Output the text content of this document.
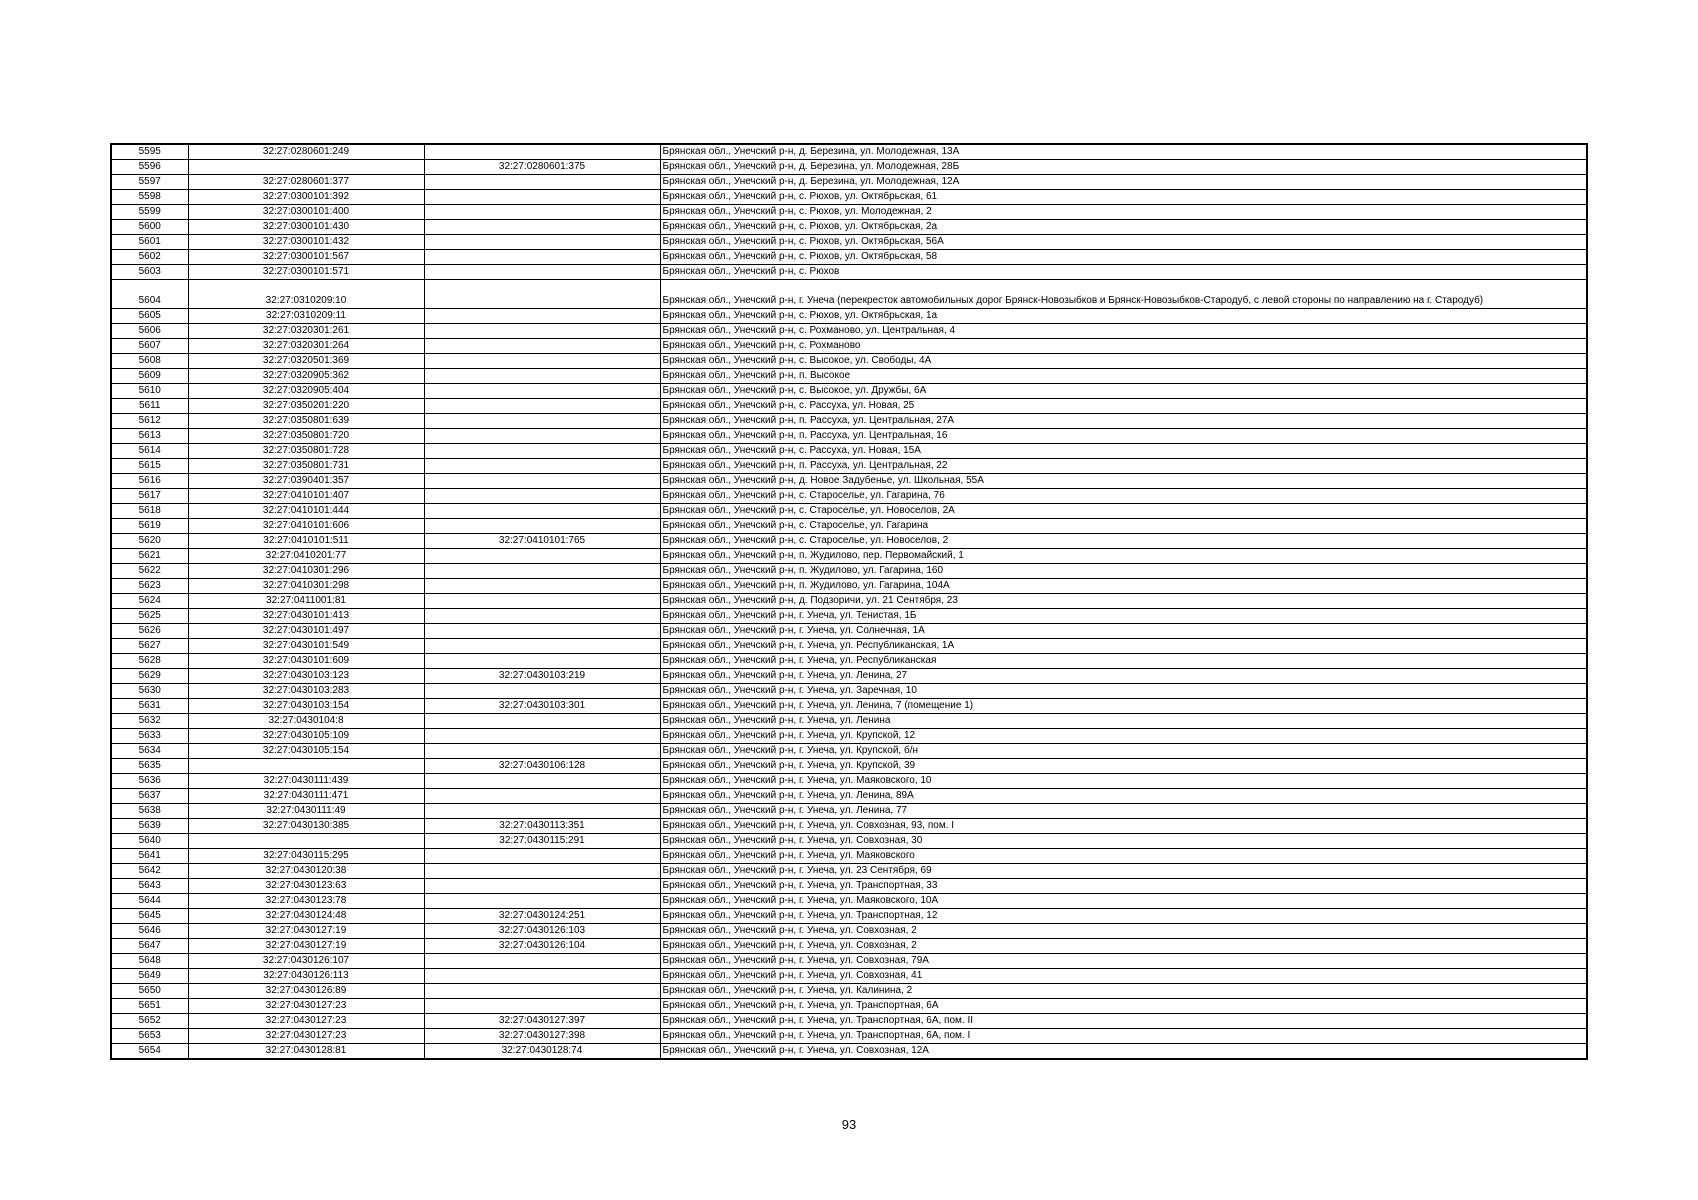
5595	32:27:0280601:249		Брянская обл., Унечский р-н, д. Березина, ул. Молодежная, 13А
5596		32:27:0280601:375	Брянская обл., Унечский р-н, д. Березина, ул. Молодежная, 28Б
5597	32:27:0280601:377		Брянская обл., Унечский р-н, д. Березина, ул. Молодежная, 12А
5598	32:27:0300101:392		Брянская обл., Унечский р-н, с. Рюхов, ул. Октябрьская, 61
5599	32:27:0300101:400		Брянская обл., Унечский р-н, с. Рюхов, ул. Молодежная, 2
5600	32:27:0300101:430		Брянская обл., Унечский р-н, с. Рюхов, ул. Октябрьская, 2а
5601	32:27:0300101:432		Брянская обл., Унечский р-н, с. Рюхов, ул. Октябрьская, 56А
5602	32:27:0300101:567		Брянская обл., Унечский р-н, с. Рюхов, ул. Октябрьская, 58
5603	32:27:0300101:571		Брянская обл., Унечский р-н, с. Рюхов
5604	32:27:0310209:10		Брянская обл., Унечский р-н, г. Унеча (перекресток автомобильных дорог Брянск-Новозыбков и Брянск-Новозыбков-Стародуб, с левой стороны по направлению на г. Стародуб)
5605	32:27:0310209:11		Брянская обл., Унечский р-н, с. Рюхов, ул. Октябрьская, 1а
5606	32:27:0320301:261		Брянская обл., Унечский р-н, с. Рохманово, ул. Центральная, 4
5607	32:27:0320301:264		Брянская обл., Унечский р-н, с. Рохманово
5608	32:27:0320501:369		Брянская обл., Унечский р-н, с. Высокое, ул. Свободы, 4А
5609	32:27:0320905:362		Брянская обл., Унечский р-н, п. Высокое
5610	32:27:0320905:404		Брянская обл., Унечский р-н, с. Высокое, ул. Дружбы, 6А
5611	32:27:0350201:220		Брянская обл., Унечский р-н, с. Рассуха, ул. Новая, 25
5612	32:27:0350801:639		Брянская обл., Унечский р-н, п. Рассуха, ул. Центральная, 27А
5613	32:27:0350801:720		Брянская обл., Унечский р-н, п. Рассуха, ул. Центральная, 16
5614	32:27:0350801:728		Брянская обл., Унечский р-н, с. Рассуха, ул. Новая, 15А
5615	32:27:0350801:731		Брянская обл., Унечский р-н, п. Рассуха, ул. Центральная, 22
5616	32:27:0390401:357		Брянская обл., Унечский р-н, д. Новое Задубенье, ул. Школьная, 55А
5617	32:27:0410101:407		Брянская обл., Унечский р-н, с. Староселье, ул. Гагарина, 76
5618	32:27:0410101:444		Брянская обл., Унечский р-н, с. Староселье, ул. Новоселов, 2А
5619	32:27:0410101:606		Брянская обл., Унечский р-н, с. Староселье, ул. Гагарина
5620	32:27:0410101:511	32:27:0410101:765	Брянская обл., Унечский р-н, с. Староселье, ул. Новоселов, 2
5621	32:27:0410201:77		Брянская обл., Унечский р-н, п. Жудилово, пер. Первомайский, 1
5622	32:27:0410301:296		Брянская обл., Унечский р-н, п. Жудилово, ул. Гагарина, 160
5623	32:27:0410301:298		Брянская обл., Унечский р-н, п. Жудилово, ул. Гагарина, 104А
5624	32:27:0411001:81		Брянская обл., Унечский р-н, д. Подзоричи, ул. 21 Сентября, 23
5625	32:27:0430101:413		Брянская обл., Унечский р-н, г. Унеча, ул. Тенистая, 1Б
5626	32:27:0430101:497		Брянская обл., Унечский р-н, г. Унеча, ул. Солнечная, 1А
5627	32:27:0430101:549		Брянская обл., Унечский р-н, г. Унеча, ул. Республиканская, 1А
5628	32:27:0430101:609		Брянская обл., Унечский р-н, г. Унеча, ул. Республиканская
5629	32:27:0430103:123	32:27:0430103:219	Брянская обл., Унечский р-н, г. Унеча, ул. Ленина, 27
5630	32:27:0430103:283		Брянская обл., Унечский р-н, г. Унеча, ул. Заречная, 10
5631	32:27:0430103:154	32:27:0430103:301	Брянская обл., Унечский р-н, г. Унеча, ул. Ленина, 7 (помещение 1)
5632	32:27:0430104:8		Брянская обл., Унечский р-н, г. Унеча, ул. Ленина
5633	32:27:0430105:109		Брянская обл., Унечский р-н, г. Унеча, ул. Крупской, 12
5634	32:27:0430105:154		Брянская обл., Унечский р-н, г. Унеча, ул. Крупской, б/н
5635		32:27:0430106:128	Брянская обл., Унечский р-н, г. Унеча, ул. Крупской, 39
5636	32:27:0430111:439		Брянская обл., Унечский р-н, г. Унеча, ул. Маяковского, 10
5637	32:27:0430111:471		Брянская обл., Унечский р-н, г. Унеча, ул. Ленина, 89А
5638	32:27:0430111:49		Брянская обл., Унечский р-н, г. Унеча, ул. Ленина, 77
5639	32:27:0430130:385	32:27:0430113:351	Брянская обл., Унечский р-н, г. Унеча, ул. Совхозная, 93, пом. I
5640		32:27:0430115:291	Брянская обл., Унечский р-н, г. Унеча, ул. Совхозная, 30
5641	32:27:0430115:295		Брянская обл., Унечский р-н, г. Унеча, ул. Маяковского
5642	32:27:0430120:38		Брянская обл., Унечский р-н, г. Унеча, ул. 23 Сентября, 69
5643	32:27:0430123:63		Брянская обл., Унечский р-н, г. Унеча, ул. Транспортная, 33
5644	32:27:0430123:78		Брянская обл., Унечский р-н, г. Унеча, ул. Маяковского, 10А
5645	32:27:0430124:48	32:27:0430124:251	Брянская обл., Унечский р-н, г. Унеча, ул. Транспортная, 12
5646	32:27:0430127:19	32:27:0430126:103	Брянская обл., Унечский р-н, г. Унеча, ул. Совхозная, 2
5647	32:27:0430127:19	32:27:0430126:104	Брянская обл., Унечский р-н, г. Унеча, ул. Совхозная, 2
5648	32:27:0430126:107		Брянская обл., Унечский р-н, г. Унеча, ул. Совхозная, 79А
5649	32:27:0430126:113		Брянская обл., Унечский р-н, г. Унеча, ул. Совхозная, 41
5650	32:27:0430126:89		Брянская обл., Унечский р-н, г. Унеча, ул. Калинина, 2
5651	32:27:0430127:23		Брянская обл., Унечский р-н, г. Унеча, ул. Транспортная, 6А
5652	32:27:0430127:23	32:27:0430127:397	Брянская обл., Унечский р-н, г. Унеча, ул. Транспортная, 6А, пом. II
5653	32:27:0430127:23	32:27:0430127:398	Брянская обл., Унечский р-н, г. Унеча, ул. Транспортная, 6А, пом. I
5654	32:27:0430128:81	32:27:0430128:74	Брянская обл., Унечский р-н, г. Унеча, ул. Совхозная, 12А
93
